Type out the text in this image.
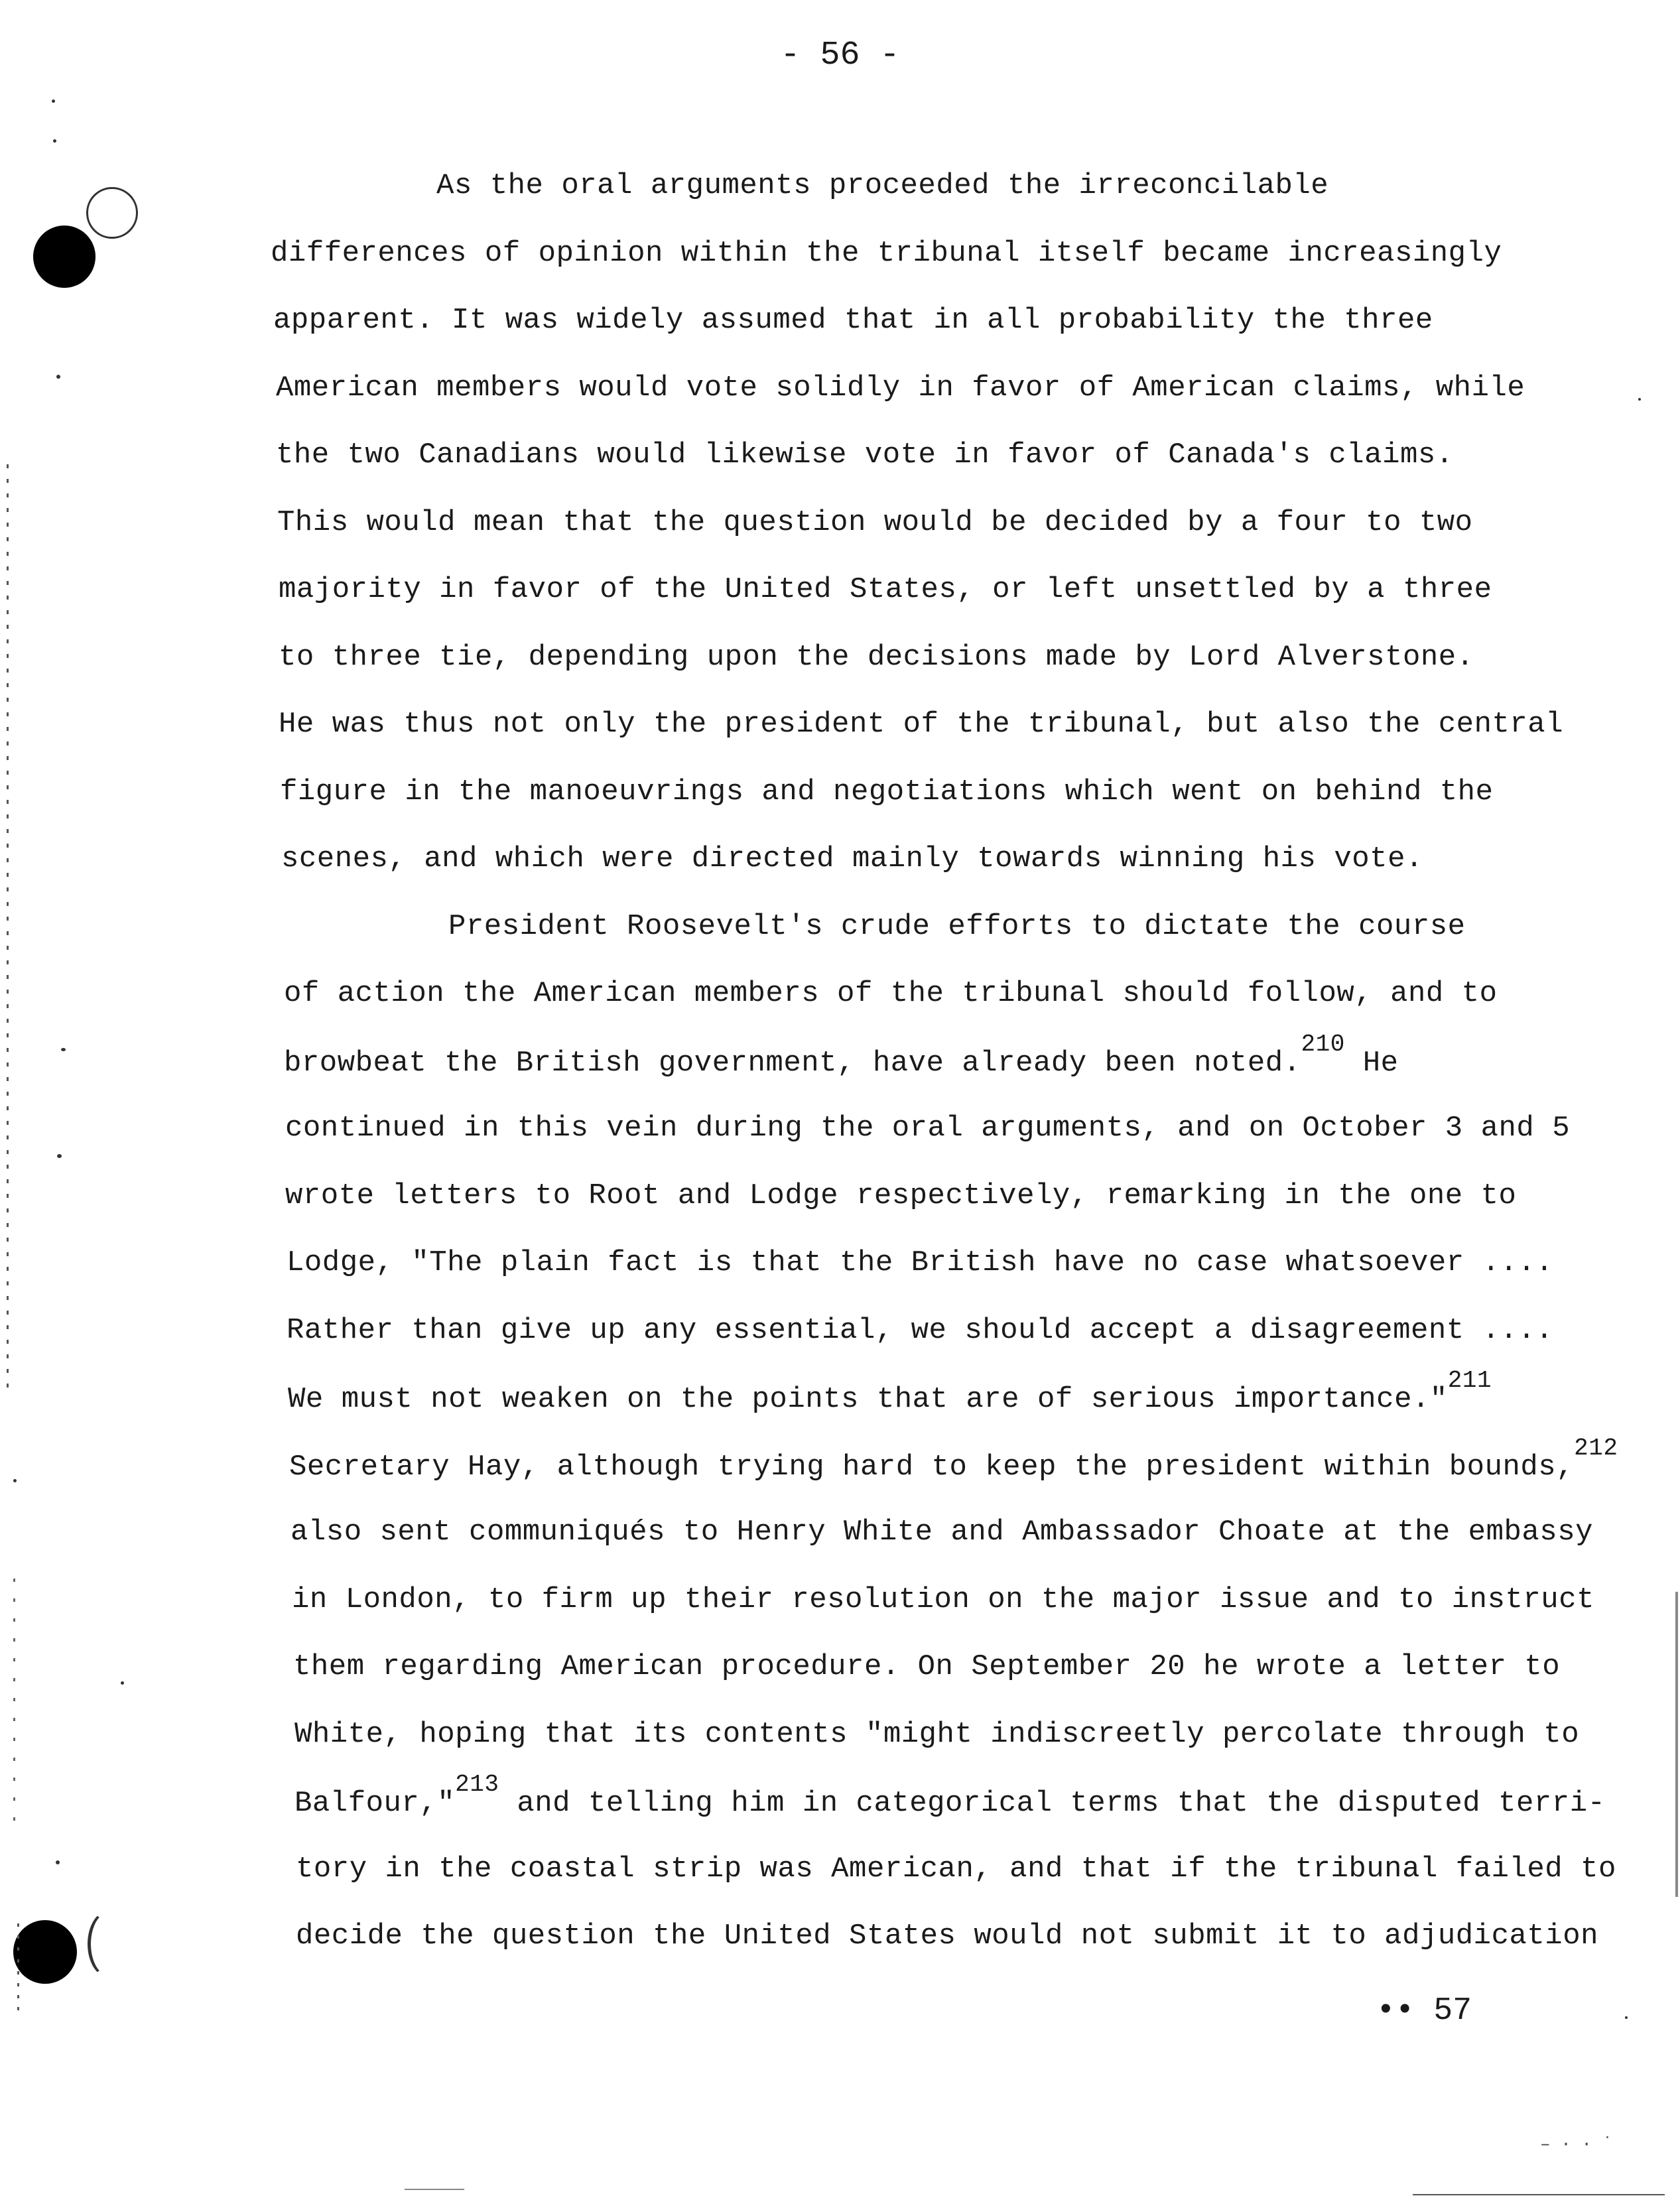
- 56 -
As the oral arguments proceeded the irreconcilable
differences of opinion within the tribunal itself became increasingly
apparent. It was widely assumed that in all probability the three
American members would vote solidly in favor of American claims, while
the two Canadians would likewise vote in favor of Canada's claims.
This would mean that the question would be decided by a four to two
majority in favor of the United States, or left unsettled by a three
to three tie, depending upon the decisions made by Lord Alverstone.
He was thus not only the president of the tribunal, but also the central
figure in the manoeuvrings and negotiations which went on behind the
scenes, and which were directed mainly towards winning his vote.
President Roosevelt's crude efforts to dictate the course
of action the American members of the tribunal should follow, and to
browbeat the British government, have already been noted.$^{210}$ He
continued in this vein during the oral arguments, and on October 3 and 5
wrote letters to Root and Lodge respectively, remarking in the one to
Lodge, "The plain fact is that the British have no case whatsoever ....
Rather than give up any essential, we should accept a disagreement ....
We must not weaken on the points that are of serious importance."$^{211}$
Secretary Hay, although trying hard to keep the president within bounds,$^{212}$
also sent communiqués to Henry White and Ambassador Choate at the embassy
in London, to firm up their resolution on the major issue and to instruct
them regarding American procedure. On September 20 he wrote a letter to
White, hoping that its contents "might indiscreetly percolate through to
Balfour,"$^{213}$ and telling him in categorical terms that the disputed terri-
tory in the coastal strip was American, and that if the tribunal failed to
decide the question the United States would not submit it to adjudication
•• 57
– · · ˙
